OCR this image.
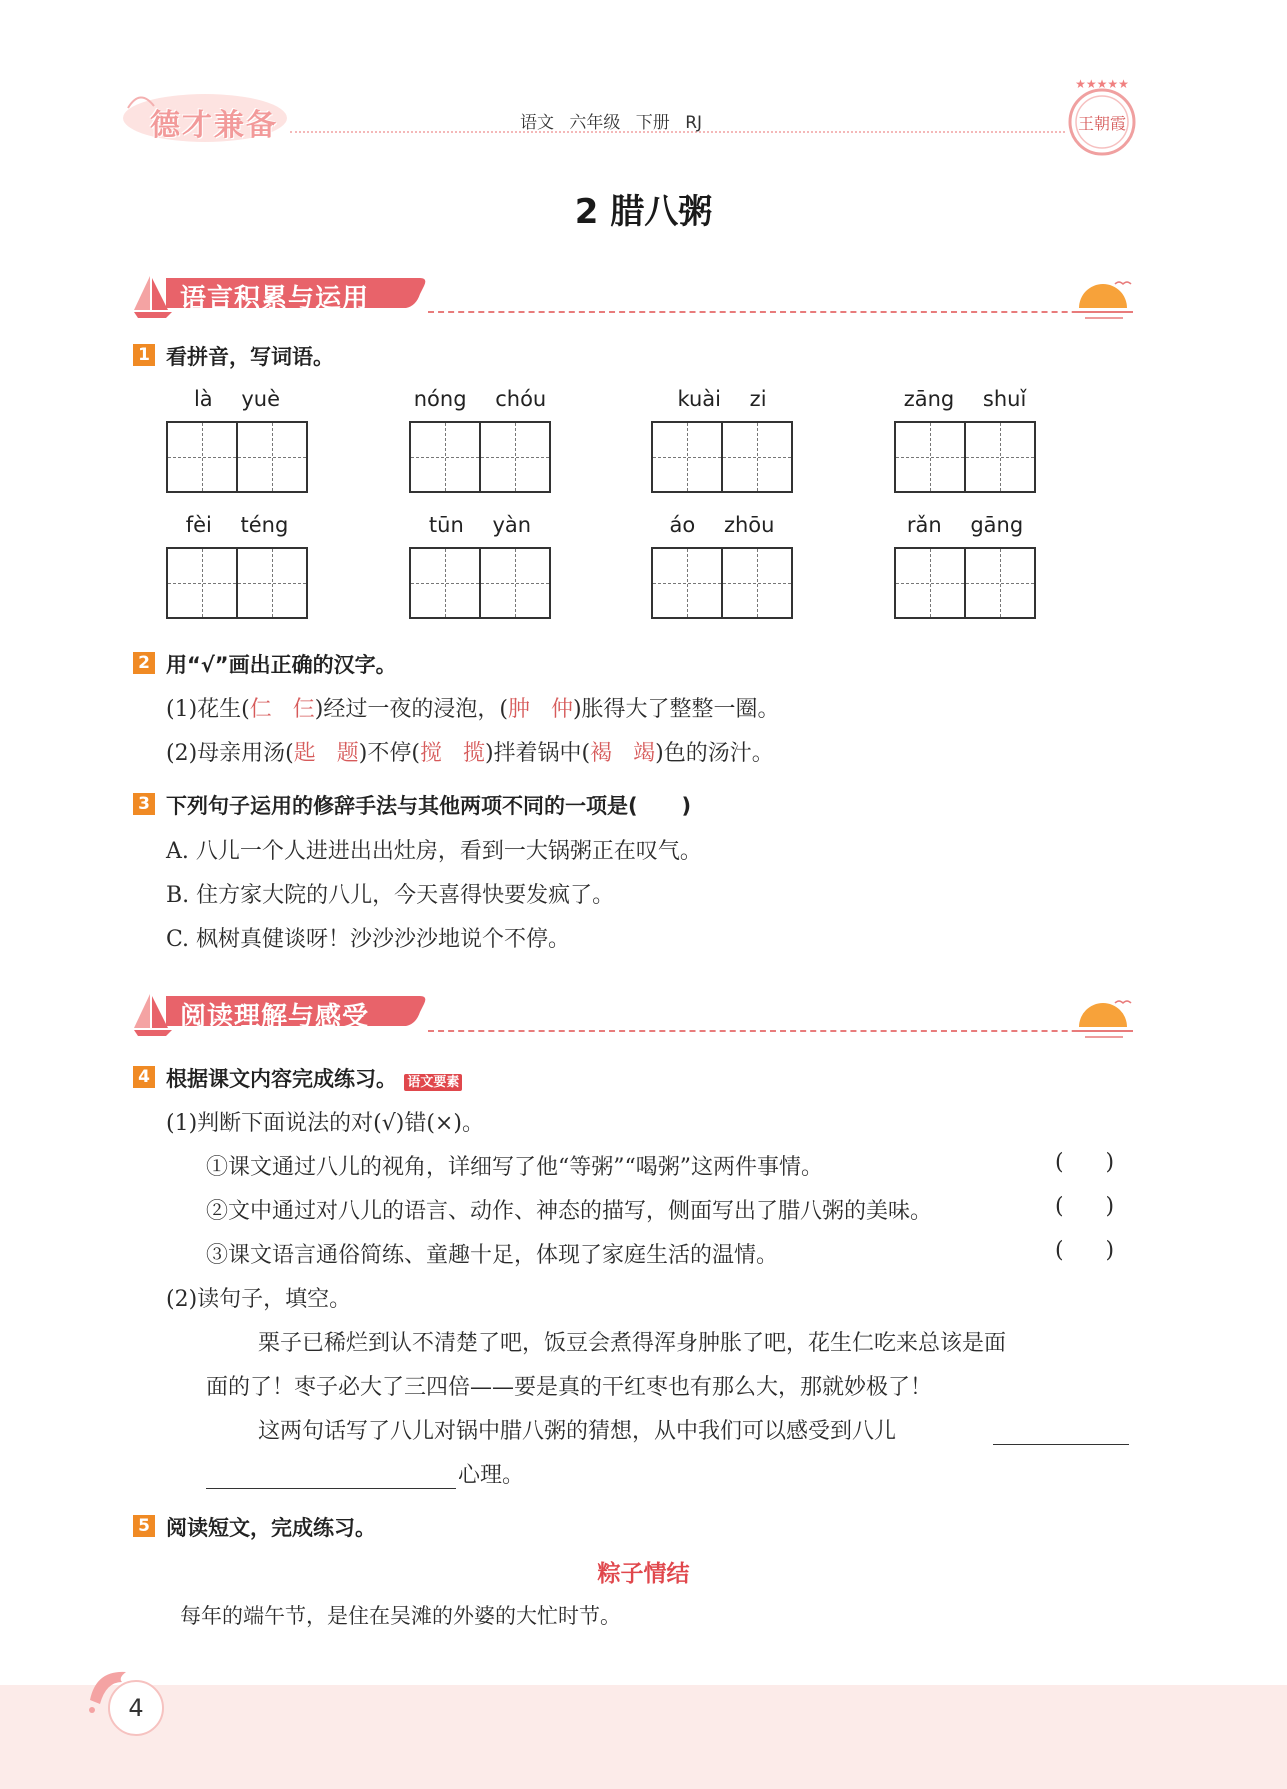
德才兼备	语文 六年级 下册 RJ
★★★★★
王朝霞
2 腊八粥
语言积累与运用
1 看拼音，写词语。
là yuè	nóng chóu	kuài zi	zāng shuǐ
fèi téng	tūn yàn	áo zhōu	rǎn gāng
2 用“√”画出正确的汉字。
(1)花生(仁 仨)经过一夜的浸泡，(肿 仲)胀得大了整整一圈。
(2)母亲用汤(匙 题)不停(搅 揽)拌着锅中(褐 竭)色的汤汁。
3 下列句子运用的修辞手法与其他两项不同的一项是(      )
A. 八儿一个人进进出出灶房，看到一大锅粥正在叹气。
B. 住方家大院的八儿，今天喜得快要发疯了。
C. 枫树真健谈呀！沙沙沙沙地说个不停。
阅读理解与感受
4 根据课文内容完成练习。 语文要素
(1)判断下面说法的对(√)错(×)。
①课文通过八儿的视角，详细写了他“等粥”“喝粥”这两件事情。	(      )
②文中通过对八儿的语言、动作、神态的描写，侧面写出了腊八粥的美味。	(      )
③课文语言通俗简练、童趣十足，体现了家庭生活的温情。	(      )
(2)读句子，填空。
栗子已稀烂到认不清楚了吧，饭豆会煮得浑身肿胀了吧，花生仁吃来总该是面
面的了！枣子必大了三四倍——要是真的干红枣也有那么大，那就妙极了！
这两句话写了八儿对锅中腊八粥的猜想，从中我们可以感受到八儿
心理。
5 阅读短文，完成练习。
粽子情结
每年的端午节，是住在吴滩的外婆的大忙时节。
4
